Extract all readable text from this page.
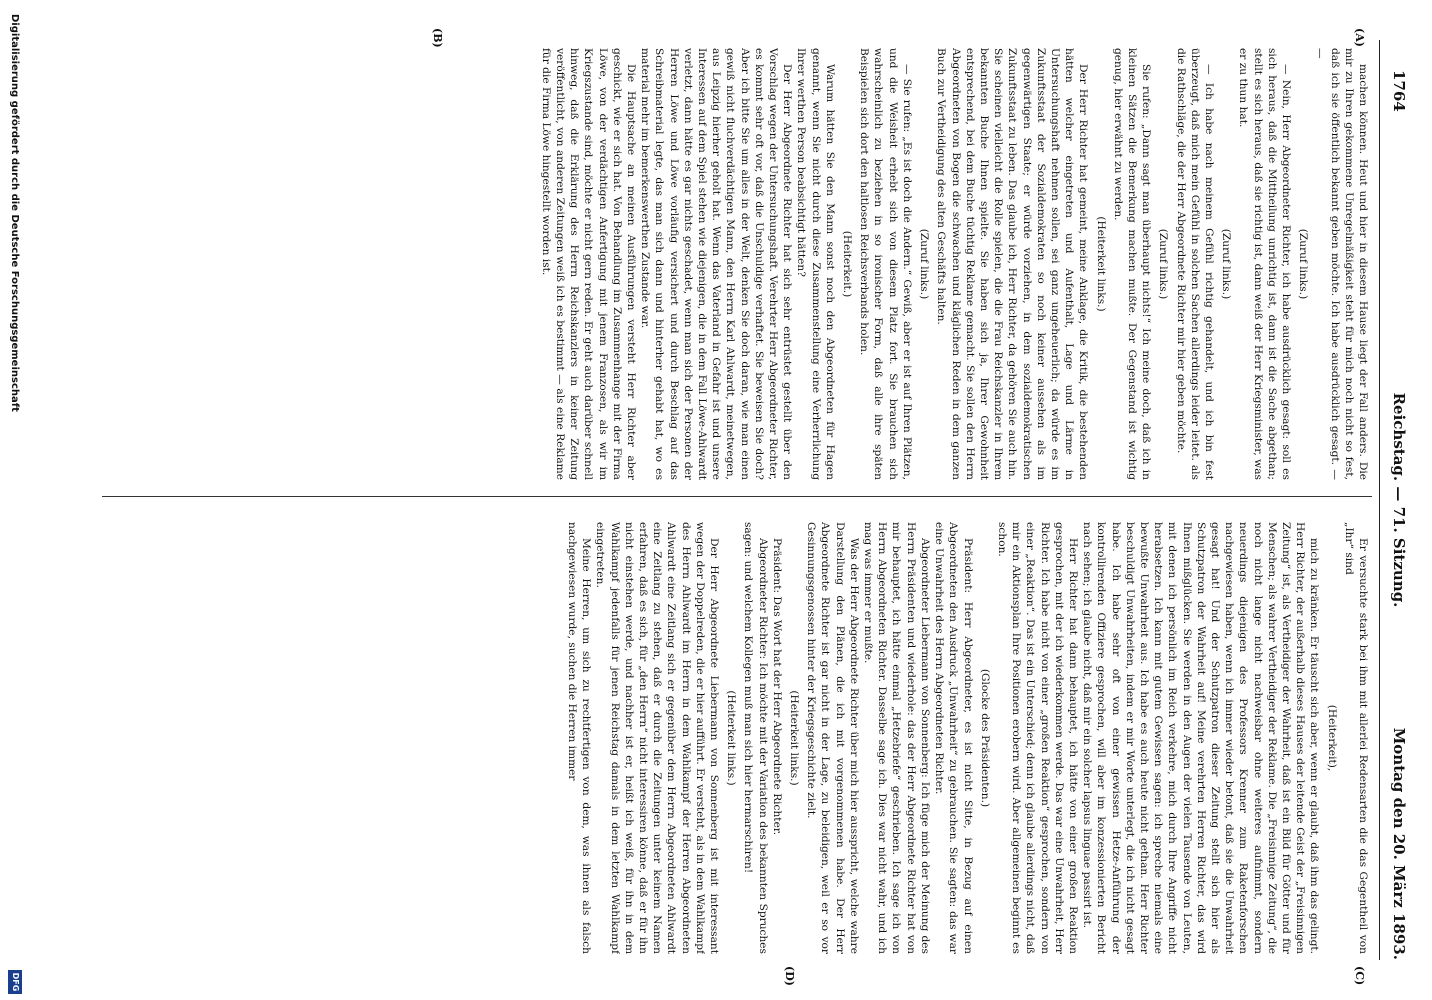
1764
Reichstag. — 71. Sitzung.
Montag den 20. März 1893.
(A)
(B)
(C)
(D)

machen können. Heut und hier in diesem Hause liegt der Fall anders. Die mir zu Ihren gekommene Unregelmäßigkeit steht für mich noch nicht so fest, daß ich sie öffentlich bekannt geben möchte. Ich habe ausdrücklich gesagt. — —

(Zuruf links.)

— Nein, Herr Abgeordneter Richter, ich habe ausdrücklich gesagt: soll es sich heraus, daß die Mittheilung unrichtig ist, dann ist die Sache abgethan; stellt es sich heraus, daß sie richtig ist, dann weiß der Herr Kriegsminister, was er zu thun hat.

(Zuruf links.)

— Ich habe nach meinem Gefühl richtig gehandelt, und ich bin fest überzeugt, daß mich mein Gefühl in solchen Sachen allerdings leider leitet. als die Rathschläge, die der Herr Abgeordnete Richter mir hier geben möchte.

(Zuruf links.)

Sie rufen: „Dann sagt man überhaupt nichts!“ Ich meine doch, daß ich in kleinen Sätzen die Bemerkung machen mußte. Der Gegenstand ist wichtig genug, hier erwähnt zu werden.

(Heiterkeit links.)

Der Herr Richter hat gemeint, meine Anklage, die Kritik, die bestehenden hätten welcher eingetreten und Aufenthalt, Lage und Lärme in Untersuchungshaft nehmen sollen, sei ganz ungeheuerlich; da würde es im Zukunftsstaat der Sozialdemokraten so noch keiner aussehen als im gegenwärtigen Staate; er würde vorziehen, in dem sozialdemokratischen Zukunftsstaat zu leben. Das glaube ich, Herr Richter, da gehören Sie auch hin. Sie scheinen vielleicht die Rolle spielen, die die Frau Reichskanzler in Ihrem bekannten Buche Ihnen spielte. Sie haben sich ja, Ihrer Gewohnheit entsprechend, bei dem Buche tüchtig Reklame gemacht. Sie sollen den Herrn Abgeordneten von Bogen die schwachen und kläglichen Reden in dem ganzen Buch zur Vertheidigung des alten Geschäfts halten.

(Zuruf links.)

— Sie rufen: „Es ist doch die Andern.“ Gewiß, aber er ist auf Ihren Plätzen, und die Weisheit erhebt sich von diesem Platz fort. Sie brauchen sich wahrscheinlich zu beziehen in so ironischer Form, daß alle ihre späten Beispielen sich dort den haltlosen Reichsverbands holen.

(Heiterkeit.)

Warum hätten Sie den Mann sonst noch den Abgeordneten für Hagen genannt, wenn Sie nicht durch diese Zusammenstellung eine Verherrlichung Ihrer werthen Person beabsichtigt hätten?

Der Herr Abgeordnete Richter hat sich sehr entrüstet gestellt über den Vorschlag wegen der Untersuchungshaft. Verehrter Herr Abgeordneter Richter, es kommt sehr oft vor, daß die Unschuldige verhaftet. Sie beweisen Sie doch? Aber ich bitte Sie um alles in der Welt, denken Sie doch daran, wie man einen gewiß nicht fluchverdächtigen Mann, den Herrn Karl Ahlwardt, meinetwegen, aus Leipzig hierher geholt hat. Wenn das Vaterland in Gefahr ist und unsere Interessen auf dem Spiel stehen wie diejenigen, die in dem Fall Löwe-Ahlwardt verletzt, dann hätte es gar nichts geschadet, wenn man sich der Personen der Herren Löwe und Löwe vorläufig versichert und durch Beschlag auf das Schreibmaterial legte, das man sich dann und hinterher gehabt hat, wo es material mehr im bemerkenswerthen Zustande war.

Die Hauptsache an meinen Ausführungen versteht Herr Richter aber geschickt, wie er sich hat. Von Behandlung im Zusammenhange mit der Firma Löwe, von der verdächtigen Anfertigung mit jenem Franzosen, als wir im Kriegszustande sind, möchte er nicht gern reden. Er geht auch darüber schnell hinweg, daß die Erklärung des Herrn Reichskanzlers in keiner Zeitung veröffentlicht, von anderen Zeitungen weiß ich es bestimmt — als eine Reklame für die Firma Löwe hingestellt worden ist.

Er versuchte stark bei ihm mit allerlei Redensarten die das Gegentheil von „Ihr“ sind

(Heiterkeit),

mich zu kränken. Er täuscht sich aber, wenn er glaubt, daß ihm das gelingt. Herr Richter, der außerhalb dieses Hauses der leitende Geist der „Freisinnigen Zeitung“ ist, als Vertheidiger der Wahrheit, daß ist ein Bild für Götter und für Menschen; als wahrer Vertheidiger der Reklame. Die „Freisinnige Zeitung“, die noch nicht lange nicht nachweisbar ohne weiteres aufnimmt, sondern neuerdings diejenigen des Professors Krenner zum Raketenforschen nachgewiesen haben, wenn ich immer wieder betont, daß sie die Unwahrheit gesagt hat! Und der Schutzpatron dieser Zeitung stellt sich hier als Schutzpatron der Wahrheit auf! Meine verehrten Herren Richter, das wird Ihnen mißglücken. Sie werden in den Augen der vielen Tausende von Leuten, mit denen ich persönlich im Reich verkehre, mich durch Ihre Angriffe nicht herabsetzen. Ich kann mit gutem Gewissen sagen: ich spreche niemals eine bewußte Unwahrheit aus. Ich habe es auch heute nicht gethan. Herr Richter beschuldigt Unwahrheiten, indem er mir Worte unterlegt, die ich nicht gesagt habe. Ich habe sehr oft von einer gewissen Hetze-Anführung der kontrollirenden Offiziere gesprochen, will aber im konzessionierten Bericht nach sehen; ich glaube nicht, daß mir ein solcher lapsus linguae passirt ist.

Herr Richter hat dann behauptet, ich hätte von einer großen Reaktion gesprochen, mit der ich wiederkommen werde. Das war eine Unwahrheit, Herr Richter. Ich habe nicht von einer „großen Reaktion“ gesprochen, sondern von einer „Reaktion“. Das ist ein Unterschied; denn ich glaube allerdings nicht, daß mir ein Aktionsplan Ihre Positionen erobern wird. Aber allgemeinen beginnt es schon.

(Glocke des Präsidenten.)

Präsident: Herr Abgeordneter, es ist nicht Sitte, in Bezug auf einen Abgeordneten den Ausdruck „Unwahrheit“ zu gebrauchen. Sie sagten: das war eine Unwahrheit des Herrn Abgeordneten Richter.

Abgeordneter Liebermann von Sonnenberg: Ich füge mich der Meinung des Herrn Präsidenten und wiederhole: das der Herr Abgeordnete Richter hat von mir behauptet, ich hätte einmal „Hetzebriefe“ geschrieben. Ich sage ich von Herrn Abgeordneten Richter. Dasselbe sage ich. Dies war nicht wahr, und ich mag was immer er mußte.

Was der Herr Abgeordnete Richter über mich hier ausspricht, welche wahre Darstellung den Plänen, die ich mit vorgenommenen habe. Der Herr Abgeordnete Richter ist gar nicht in der Lage, zu beleidigen, weil er so vor Gesinnungsgenossen hinter der Kriegsgeschichte zielt.

(Heiterkeit links.)

Präsident: Das Wort hat der Herr Abgeordnete Richter.

Abgeordneter Richter: Ich möchte mit der Variation des bekannten Spruches sagen: und welchem Kollegen muß man sich hier hermarschiren!

(Heiterkeit links.)

Der Herr Abgeordnete Liebermann von Sonnenberg ist mit interessant wegen der Doppelreden, die er hier aufführt. Er versteht, als in dem Wahlkampf des Herrn Ahlwardt im Herrn in dem Wahlkampf der Herren Abgeordneten Ahlwardt eine Zeitlang sich er gegenüber dem Herrn Abgeordneten Ahlwardt eine Zeitlang zu stehen, daß er durch die Zeitungen unter keinem Namen erfahren, daß es sich, für „den Herrn“ nicht interessiren könne, daß er für ihn nicht einstehen werde, und nachher ist er, heißt ich weiß, für ihn in dem Wahlkampf jedenfalls für jenen Reichstag damals in dem letzten Wahlkampf eingetreten.

Meine Herren, um sich zu rechtfertigen von dem, was ihnen als falsch nachgewiesen wurde, suchen die Herren immer

Digitalisierung gefördert durch die Deutsche Forschungsgemeinschaft
DFG
